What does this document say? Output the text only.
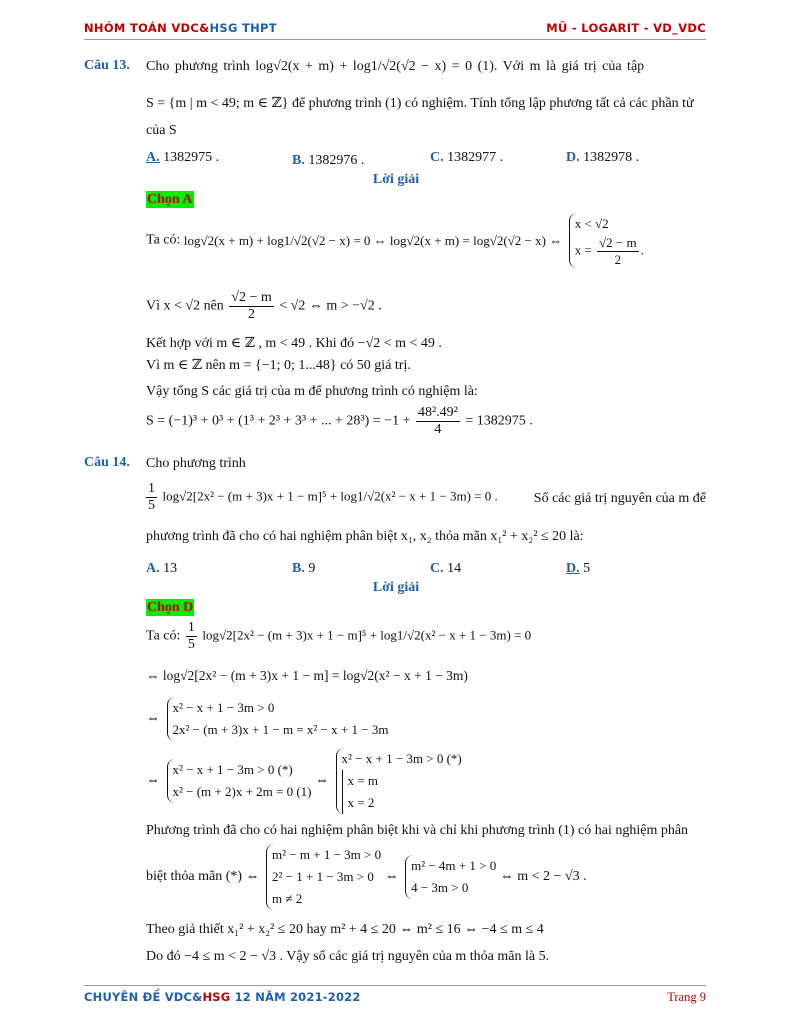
NHÓM TOÁN VDC&HSG THPT	MŨ - LOGARIT - VD_VDC
Câu 13. Cho phương trình log√2(x + m) + log1/√2(√2 − x) = 0 (1). Với m là giá trị của tập
S = {m | m < 49; m ∈ ℤ} để phương trình (1) có nghiệm. Tính tổng lập phương tất cả các phần tử
của S
A. 1382975 .	B. 1382976 .	C. 1382977 .	D. 1382978 .
Lời giải
Chọn A
Ta có: log√2(x + m) + log1/√2(√2 − x) = 0 ⇔ log√2(x + m) = log√2(√2 − x) ⇔
x < √2
$x = \frac{√2 - m}{2}$ .
Vì x < √2 nên $\frac{√2 - m}{2} < √2$ ⇔ m > −√2 .
Kết hợp với m ∈ ℤ , m < 49 . Khi đó −√2 < m < 49 .
Vì m ∈ ℤ nên m = {−1; 0; 1...48} có 50 giá trị.
Vậy tổng S các giá trị của m để phương trình có nghiệm là:
S = (−1)³ + 0³ + (1³ + 2³ + 3³ + ... + $28^3) = -1 + \frac{\text{48².49²}}{4} = 1382975$ .
Câu 14. Cho phương trình
$\frac{1}{5} \log√2[2x^2 - (m + 3)x + 1 - m]^5 + \log 1/√2(x^2 - x + 1 - 3m) = 0$ .	Số các giá trị nguyên của m để
phương trình đã cho có hai nghiệm phân biệt x₁, x₂ thỏa mãn x₁² + x₂² ≤ 20 là:
A. 13	B. 9	C. 14	D. 5
Lời giải
Chọn D
Ta có: $\frac{1}{5} \log√2[2x^2 - (m + 3)x + 1 - m]^5 + \log 1/√2(x^2 - x + 1 - 3m) = 0$
⇔ log√2[2x² − (m + 3)x + 1 − m] = log√2(x² − x + 1 − 3m)
⇔
x² − x + 1 − 3m > 0
2x² − (m + 3)x + 1 − m = x² − x + 1 − 3m
⇔
x² − x + 1 − 3m > 0 (*)
x² − (m + 2)x + 2m = 0 (1)
⇔
x² − x + 1 − 3m > 0 (*)
x = m
x = 2
Phương trình đã cho có hai nghiệm phân biệt khi và chỉ khi phương trình (1) có hai nghiệm phân
biệt thỏa mãn (*) ⇔
m² − m + 1 − 3m > 0
2² − 1 + 1 − 3m > 0
m ≠ 2
⇔
m² − 4m + 1 > 0
4 − 3m > 0
⇔ m < 2 − √3 .
Theo giả thiết x₁² + x₂² ≤ 20 hay m² + 4 ≤ 20 ⇔ m² ≤ 16 ⇔ −4 ≤ m ≤ 4
Do đó −4 ≤ m < 2 − √3 . Vậy số các giá trị nguyên của m thỏa mãn là 5.
CHUYÊN ĐỀ VDC&HSG 12 NĂM 2021-2022	Trang 9
